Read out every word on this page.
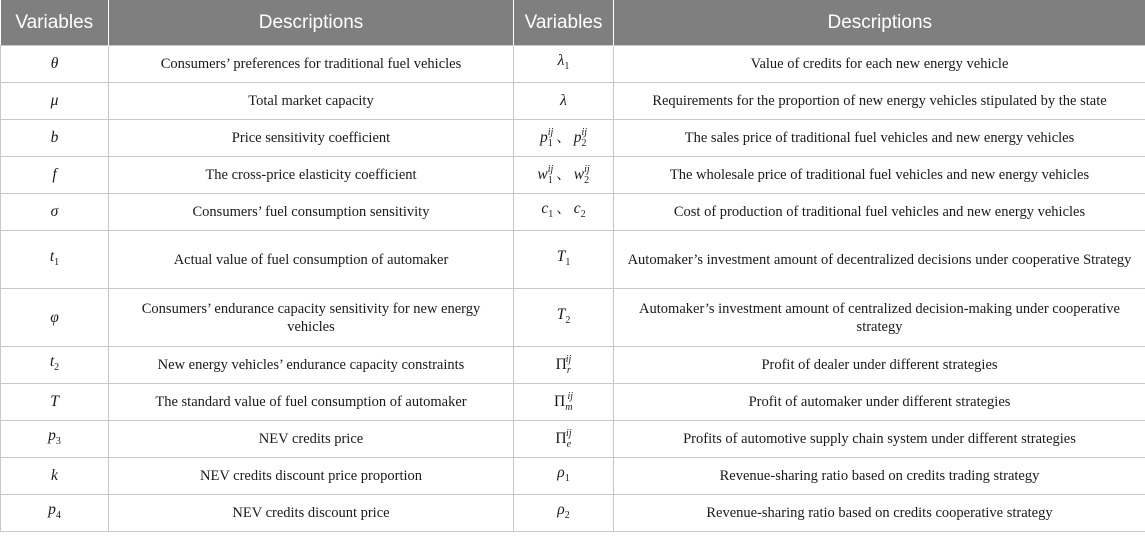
Variables	Descriptions	Variables	Descriptions
θ	Consumers’ preferences for traditional fuel vehicles	$\lambda_1$	Value of credits for each new energy vehicle
μ	Total market capacity	λ	Requirements for the proportion of new energy vehicles stipulated by the state
b	Price sensitivity coefficient	$p_1^{ij}$ 、 $p_2^{ij}$	The sales price of traditional fuel vehicles and new energy vehicles
f	The cross-price elasticity coefficient	$w_1^{ij}$ 、 $w_2^{ij}$	The wholesale price of traditional fuel vehicles and new energy vehicles
σ	Consumers’ fuel consumption sensitivity	$c_1$ 、 $c_2$	Cost of production of traditional fuel vehicles and new energy vehicles
$t_1$	Actual value of fuel consumption of automaker	$T_1$	Automaker’s investment amount of decentralized decisions under cooperative Strategy
φ	Consumers’ endurance capacity sensitivity for new energy vehicles	$T_2$	Automaker’s investment amount of centralized decision-making under cooperative strategy
$t_2$	New energy vehicles’ endurance capacity constraints	$\Pi_r^{ij}$	Profit of dealer under different strategies
T	The standard value of fuel consumption of automaker	$\Pi_m^{ij}$	Profit of automaker under different strategies
$p_3$	NEV credits price	$\Pi_e^{ij}$	Profits of automotive supply chain system under different strategies
k	NEV credits discount price proportion	$\rho_1$	Revenue-sharing ratio based on credits trading strategy
$p_4$	NEV credits discount price	$\rho_2$	Revenue-sharing ratio based on credits cooperative strategy
